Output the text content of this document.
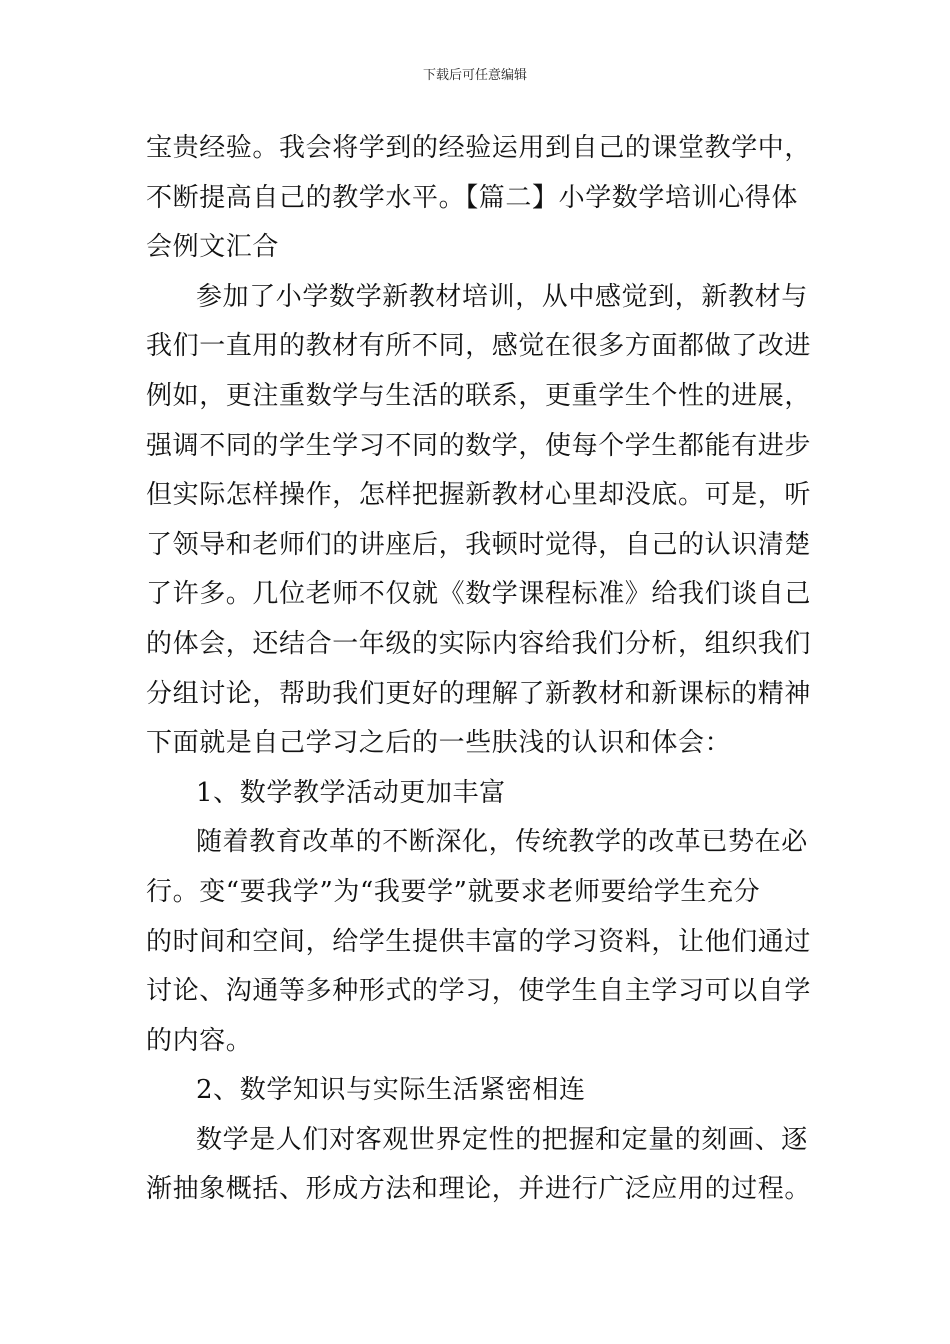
下载后可任意编辑
宝贵经验。我会将学到的经验运用到自己的课堂教学中，
不断提高自己的教学水平。【篇二】小学数学培训心得体
会例文汇合
参加了小学数学新教材培训，从中感觉到，新教材与
我们一直用的教材有所不同，感觉在很多方面都做了改进
例如，更注重数学与生活的联系，更重学生个性的进展，
强调不同的学生学习不同的数学，使每个学生都能有进步
但实际怎样操作，怎样把握新教材心里却没底。可是，听
了领导和老师们的讲座后，我顿时觉得，自己的认识清楚
了许多。几位老师不仅就《数学课程标准》给我们谈自己
的体会，还结合一年级的实际内容给我们分析，组织我们
分组讨论，帮助我们更好的理解了新教材和新课标的精神
下面就是自己学习之后的一些肤浅的认识和体会：
1、数学教学活动更加丰富
随着教育改革的不断深化，传统教学的改革已势在必
行。变“要我学”为“我要学”就要求老师要给学生充分
的时间和空间，给学生提供丰富的学习资料，让他们通过
讨论、沟通等多种形式的学习，使学生自主学习可以自学
的内容。
2、数学知识与实际生活紧密相连
数学是人们对客观世界定性的把握和定量的刻画、逐
渐抽象概括、形成方法和理论，并进行广泛应用的过程。
